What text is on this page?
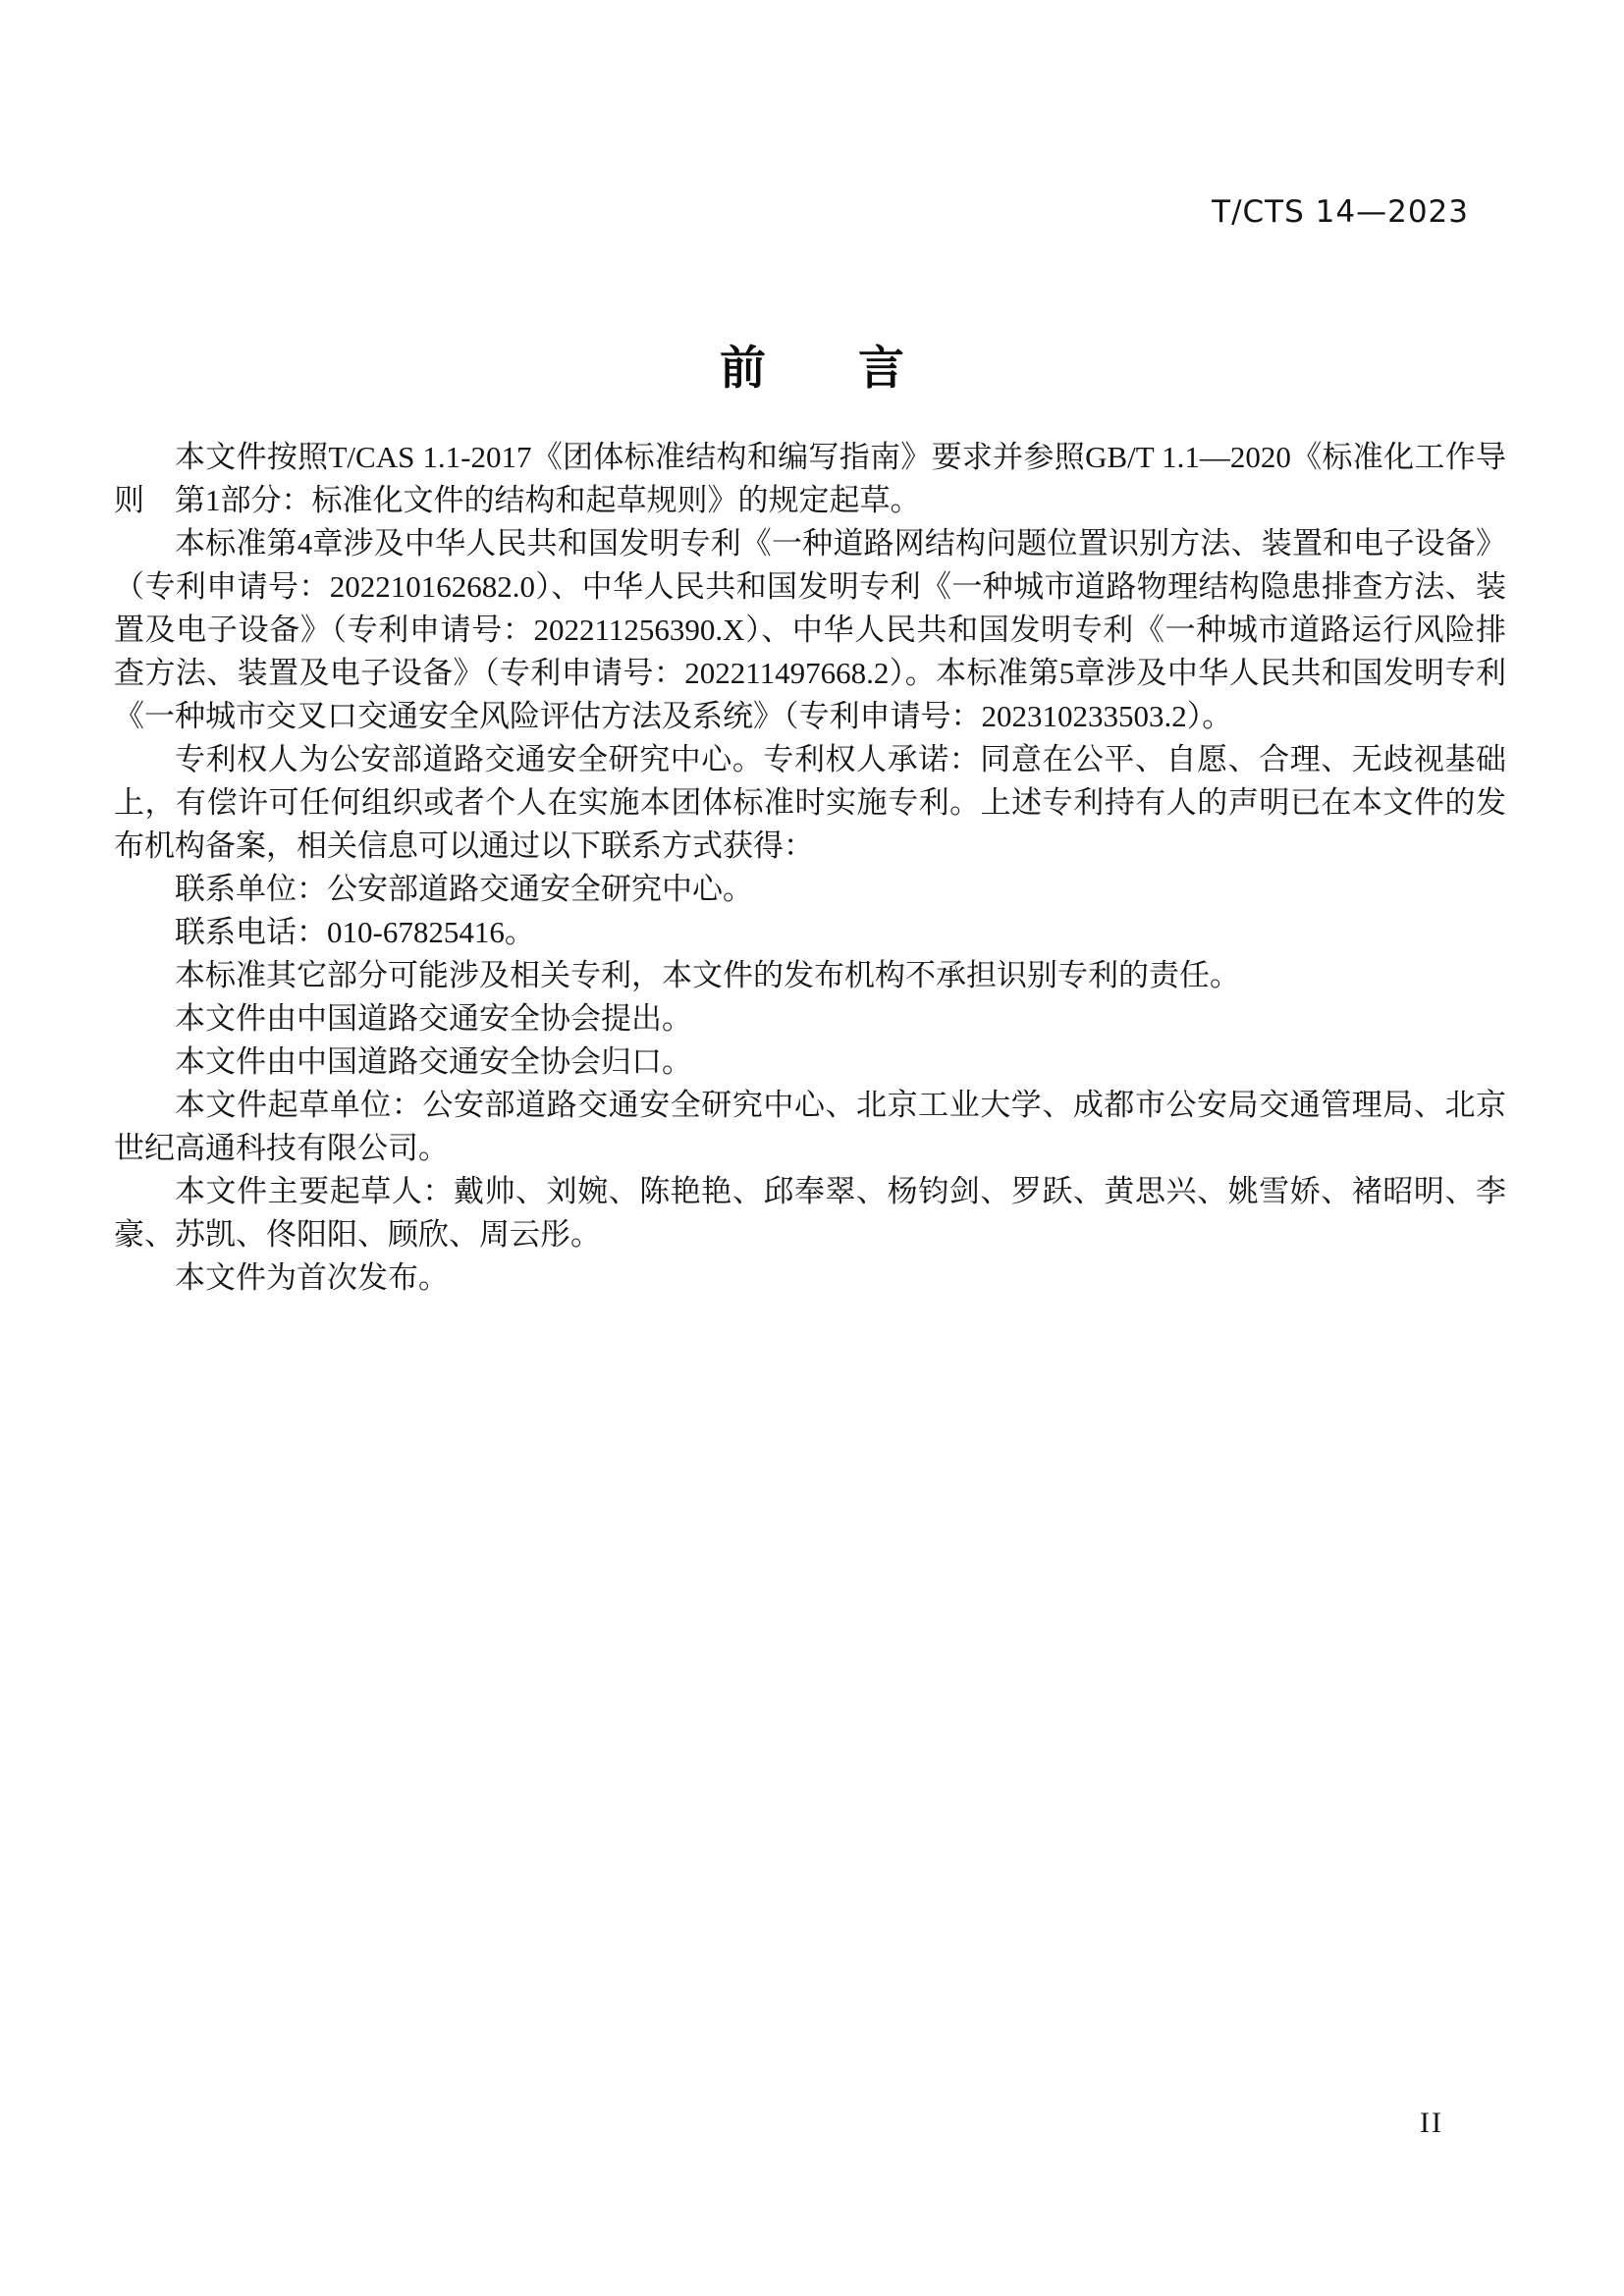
T/CTS 14—2023
前　　言

本文件按照T/CAS 1.1-2017《团体标准结构和编写指南》要求并参照GB/T 1.1—2020《标准化工作导则　第1部分：标准化文件的结构和起草规则》的规定起草。

本标准第4章涉及中华人民共和国发明专利《一种道路网结构问题位置识别方法、装置和电子设备》（专利申请号：202210162682.0）、中华人民共和国发明专利《一种城市道路物理结构隐患排查方法、装置及电子设备》（专利申请号：202211256390.X）、中华人民共和国发明专利《一种城市道路运行风险排查方法、装置及电子设备》（专利申请号：202211497668.2）。本标准第5章涉及中华人民共和国发明专利《一种城市交叉口交通安全风险评估方法及系统》（专利申请号：202310233503.2）。

专利权人为公安部道路交通安全研究中心。专利权人承诺：同意在公平、自愿、合理、无歧视基础上，有偿许可任何组织或者个人在实施本团体标准时实施专利。上述专利持有人的声明已在本文件的发布机构备案，相关信息可以通过以下联系方式获得：

联系单位：公安部道路交通安全研究中心。

联系电话：010-67825416。

本标准其它部分可能涉及相关专利，本文件的发布机构不承担识别专利的责任。

本文件由中国道路交通安全协会提出。

本文件由中国道路交通安全协会归口。

本文件起草单位：公安部道路交通安全研究中心、北京工业大学、成都市公安局交通管理局、北京世纪高通科技有限公司。

本文件主要起草人：戴帅、刘婉、陈艳艳、邱奉翠、杨钧剑、罗跃、黄思兴、姚雪娇、褚昭明、李豪、苏凯、佟阳阳、顾欣、周云彤。

本文件为首次发布。

II
